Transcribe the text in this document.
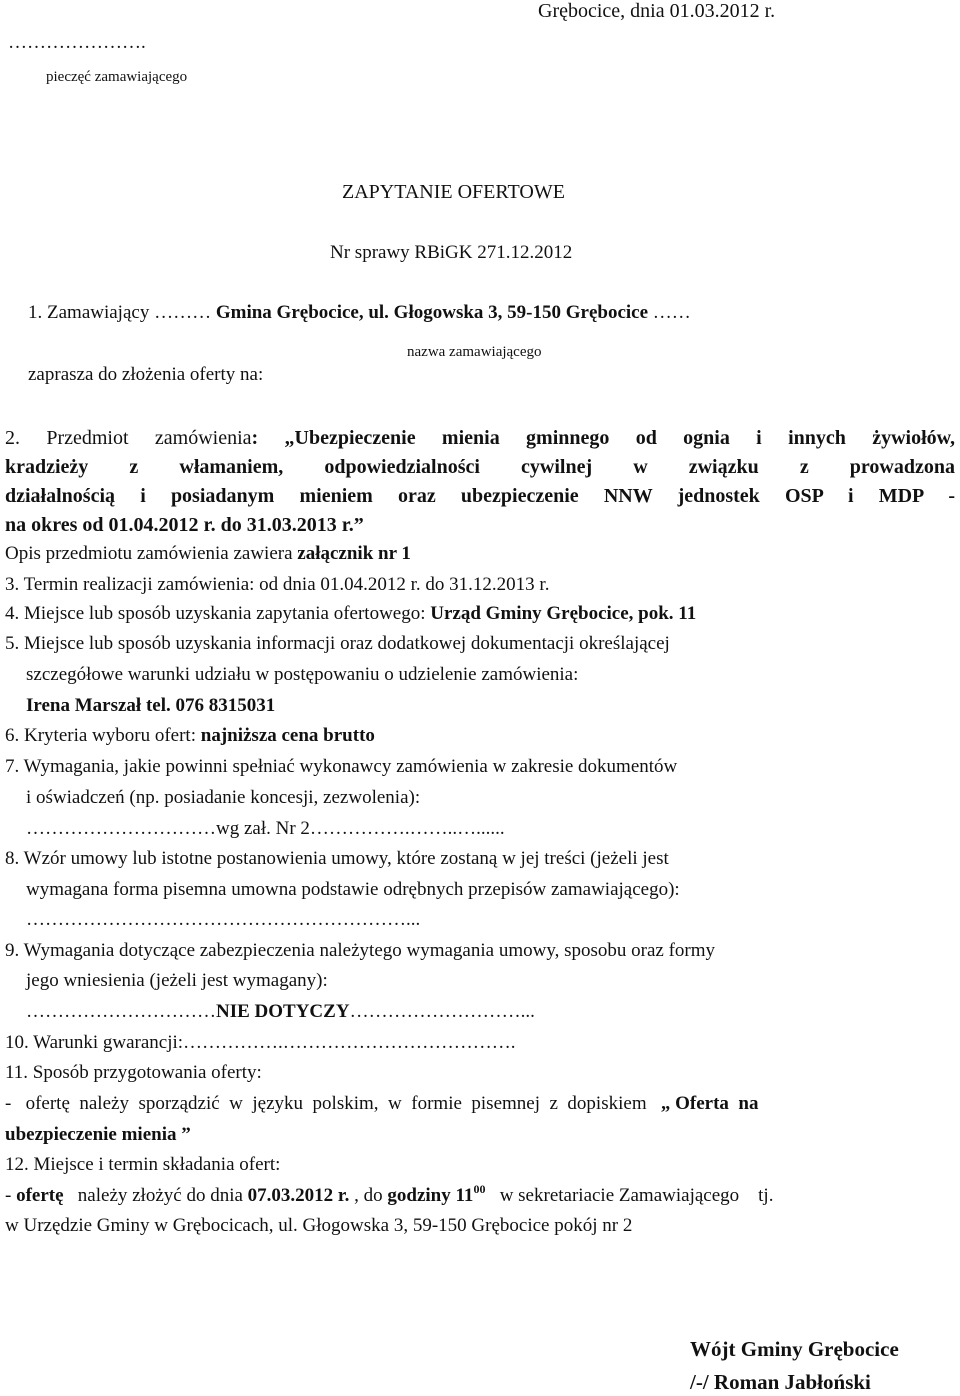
Grębocice, dnia 01.03.2012 r.
………………….
pieczęć zamawiającego
ZAPYTANIE OFERTOWE
Nr sprawy RBiGK 271.12.2012
1. Zamawiający ……… Gmina Grębocice, ul. Głogowska 3, 59-150 Grębocice ……
nazwa zamawiającego
zaprasza do złożenia oferty na:
2. Przedmiot zamówienia: „Ubezpieczenie mienia gminnego od ognia i innych żywiołów,
kradzieży z włamaniem, odpowiedzialności cywilnej w związku z prowadzona
działalnością i posiadanym mieniem oraz ubezpieczenie NNW jednostek OSP i MDP -
na okres od 01.04.2012 r. do 31.03.2013 r.”
Opis przedmiotu zamówienia zawiera załącznik nr 1
3. Termin realizacji zamówienia: od dnia 01.04.2012 r. do 31.12.2013 r.
4. Miejsce lub sposób uzyskania zapytania ofertowego: Urząd Gminy Grębocice, pok. 11
5. Miejsce lub sposób uzyskania informacji oraz dodatkowej dokumentacji określającej
szczegółowe warunki udziału w postępowaniu o udzielenie zamówienia:
Irena Marszał tel. 076 8315031
6. Kryteria wyboru ofert: najniższa cena brutto
7. Wymagania, jakie powinni spełniać wykonawcy zamówienia w zakresie dokumentów
i oświadczeń (np. posiadanie koncesji, zezwolenia):
…………………………wg zał. Nr 2…………….……..…......
8. Wzór umowy lub istotne postanowienia umowy, które zostaną w jej treści (jeżeli jest
wymagana forma pisemna umowna podstawie odrębnych przepisów zamawiającego):
……………………………………………………...
9. Wymagania dotyczące zabezpieczenia należytego wymagania umowy, sposobu oraz formy
jego wniesienia (jeżeli jest wymagany):
…………………………NIE DOTYCZY………………………...
10. Warunki gwarancji:…………….……………………………….
11. Sposób przygotowania oferty:
-   ofertę  należy  sporządzić  w  języku  polskim,  w  formie  pisemnej  z  dopiskiem „ Oferta  na
ubezpieczenie mienia ”
12. Miejsce i termin składania ofert:
- ofertę   należy złożyć do dnia 07.03.2012 r. , do godziny $11^{00}$   w sekretariacie Zamawiającego    tj.
w Urzędzie Gminy w Grębocicach, ul. Głogowska 3, 59-150 Grębocice pokój nr 2
Wójt Gminy Grębocice
/-/ Roman Jabłoński
